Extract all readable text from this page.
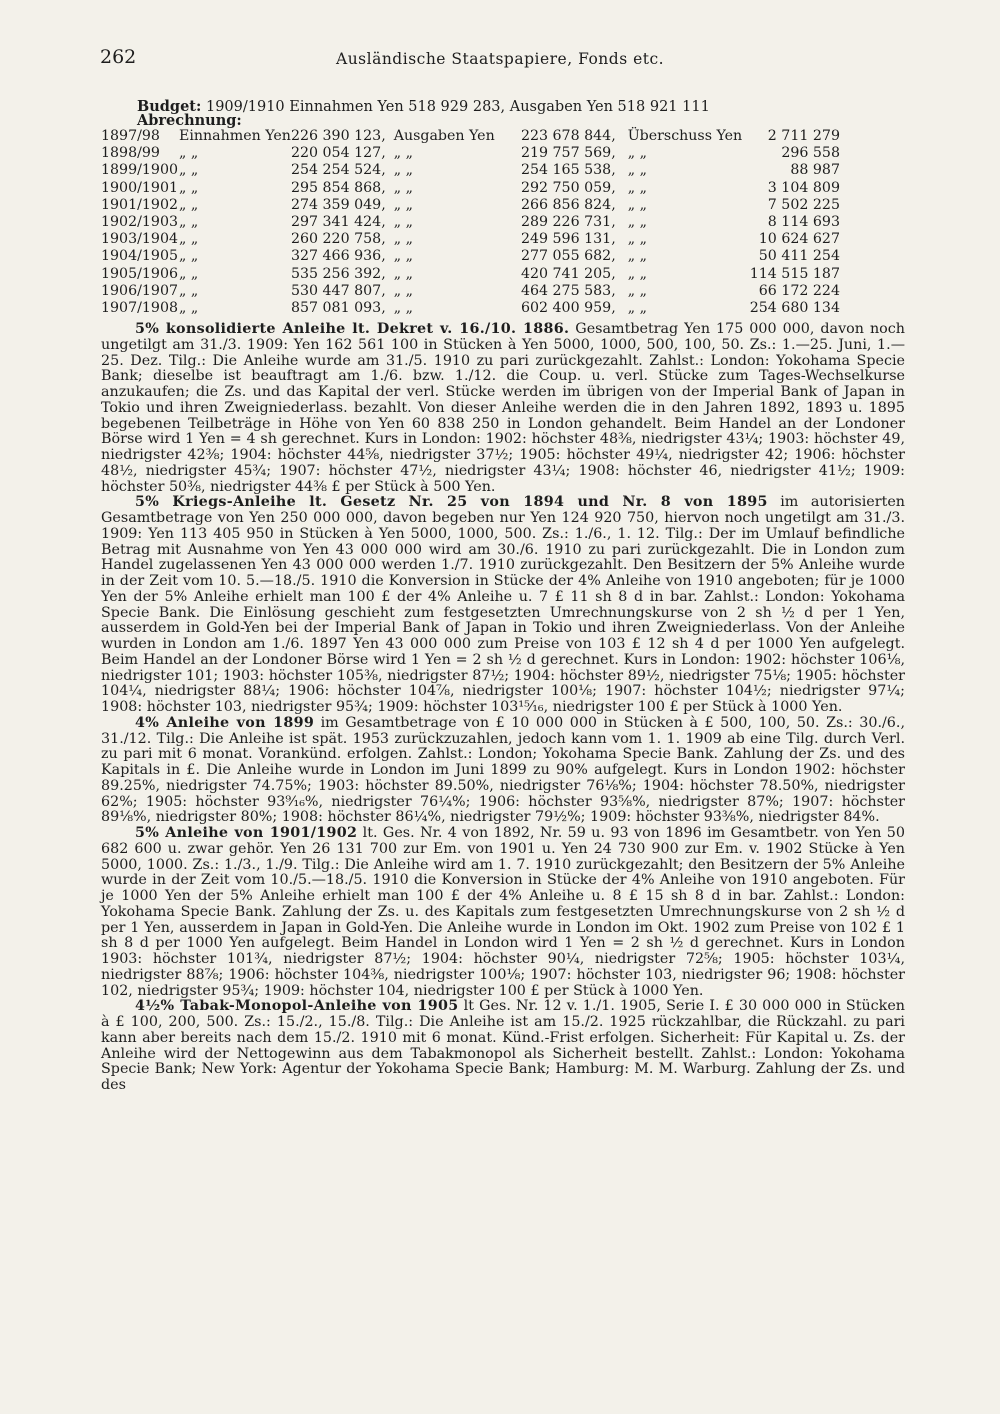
262	Ausländische Staatspapiere, Fonds etc.
Budget: 1909/1910 Einnahmen Yen 518 929 283, Ausgaben Yen 518 921 111
Abrechnung:
1897/98	Einnahmen Yen	226 390 123,	Ausgaben Yen	223 678 844,	Überschuss Yen	2 711 279
1898/99	„ „	220 054 127,	„ „	219 757 569,	„ „	296 558
1899/1900	„ „	254 254 524,	„ „	254 165 538,	„ „	88 987
1900/1901	„ „	295 854 868,	„ „	292 750 059,	„ „	3 104 809
1901/1902	„ „	274 359 049,	„ „	266 856 824,	„ „	7 502 225
1902/1903	„ „	297 341 424,	„ „	289 226 731,	„ „	8 114 693
1903/1904	„ „	260 220 758,	„ „	249 596 131,	„ „	10 624 627
1904/1905	„ „	327 466 936,	„ „	277 055 682,	„ „	50 411 254
1905/1906	„ „	535 256 392,	„ „	420 741 205,	„ „	114 515 187
1906/1907	„ „	530 447 807,	„ „	464 275 583,	„ „	66 172 224
1907/1908	„ „	857 081 093,	„ „	602 400 959,	„ „	254 680 134

5% konsolidierte Anleihe lt. Dekret v. 16./10. 1886. Gesamtbetrag Yen 175 000 000, davon noch ungetilgt am 31./3. 1909: Yen 162 561 100 in Stücken à Yen 5000, 1000, 500, 100, 50. Zs.: 1.—25. Juni, 1.—25. Dez. Tilg.: Die Anleihe wurde am 31./5. 1910 zu pari zurückgezahlt. Zahlst.: London: Yokohama Specie Bank; dieselbe ist beauftragt am 1./6. bzw. 1./12. die Coup. u. verl. Stücke zum Tages-Wechselkurse anzukaufen; die Zs. und das Kapital der verl. Stücke werden im übrigen von der Imperial Bank of Japan in Tokio und ihren Zweigniederlass. bezahlt. Von dieser Anleihe werden die in den Jahren 1892, 1893 u. 1895 begebenen Teilbeträge in Höhe von Yen 60 838 250 in London gehandelt. Beim Handel an der Londoner Börse wird 1 Yen = 4 sh gerechnet. Kurs in London: 1902: höchster 48⅜, niedrigster 43¼; 1903: höchster 49, niedrigster 42⅜; 1904: höchster 44⅝, niedrigster 37½; 1905: höchster 49¼, niedrigster 42; 1906: höchster 48½, niedrigster 45¾; 1907: höchster 47½, niedrigster 43¼; 1908: höchster 46, niedrigster 41½; 1909: höchster 50⅜, niedrigster 44⅜ £ per Stück à 500 Yen.

5% Kriegs-Anleihe lt. Gesetz Nr. 25 von 1894 und Nr. 8 von 1895 im autorisierten Gesamtbetrage von Yen 250 000 000, davon begeben nur Yen 124 920 750, hiervon noch ungetilgt am 31./3. 1909: Yen 113 405 950 in Stücken à Yen 5000, 1000, 500. Zs.: 1./6., 1. 12. Tilg.: Der im Umlauf befindliche Betrag mit Ausnahme von Yen 43 000 000 wird am 30./6. 1910 zu pari zurückgezahlt. Die in London zum Handel zugelassenen Yen 43 000 000 werden 1./7. 1910 zurückgezahlt. Den Besitzern der 5% Anleihe wurde in der Zeit vom 10. 5.—18./5. 1910 die Konversion in Stücke der 4% Anleihe von 1910 angeboten; für je 1000 Yen der 5% Anleihe erhielt man 100 £ der 4% Anleihe u. 7 £ 11 sh 8 d in bar. Zahlst.: London: Yokohama Specie Bank. Die Einlösung geschieht zum festgesetzten Umrechnungskurse von 2 sh ½ d per 1 Yen, ausserdem in Gold-Yen bei der Imperial Bank of Japan in Tokio und ihren Zweigniederlass. Von der Anleihe wurden in London am 1./6. 1897 Yen 43 000 000 zum Preise von 103 £ 12 sh 4 d per 1000 Yen aufgelegt. Beim Handel an der Londoner Börse wird 1 Yen = 2 sh ½ d gerechnet. Kurs in London: 1902: höchster 106⅛, niedrigster 101; 1903: höchster 105⅜, niedrigster 87½; 1904: höchster 89½, niedrigster 75⅛; 1905: höchster 104¼, niedrigster 88¼; 1906: höchster 104⅞, niedrigster 100⅛; 1907: höchster 104½; niedrigster 97¼; 1908: höchster 103, niedrigster 95¾; 1909: höchster 103¹⁵⁄₁₆, niedrigster 100 £ per Stück à 1000 Yen.

4% Anleihe von 1899 im Gesamtbetrage von £ 10 000 000 in Stücken à £ 500, 100, 50. Zs.: 30./6., 31./12. Tilg.: Die Anleihe ist spät. 1953 zurückzuzahlen, jedoch kann vom 1. 1. 1909 ab eine Tilg. durch Verl. zu pari mit 6 monat. Vorankünd. erfolgen. Zahlst.: London; Yokohama Specie Bank. Zahlung der Zs. und des Kapitals in £. Die Anleihe wurde in London im Juni 1899 zu 90% aufgelegt. Kurs in London 1902: höchster 89.25%, niedrigster 74.75%; 1903: höchster 89.50%, niedrigster 76⅛%; 1904: höchster 78.50%, niedrigster 62%; 1905: höchster 93⁹⁄₁₆%, niedrigster 76¼%; 1906: höchster 93⅝%, niedrigster 87%; 1907: höchster 89⅛%, niedrigster 80%; 1908: höchster 86¼%, niedrigster 79½%; 1909: höchster 93⅜%, niedrigster 84%.

5% Anleihe von 1901/1902 lt. Ges. Nr. 4 von 1892, Nr. 59 u. 93 von 1896 im Gesamtbetr. von Yen 50 682 600 u. zwar gehör. Yen 26 131 700 zur Em. von 1901 u. Yen 24 730 900 zur Em. v. 1902 Stücke à Yen 5000, 1000. Zs.: 1./3., 1./9. Tilg.: Die Anleihe wird am 1. 7. 1910 zurückgezahlt; den Besitzern der 5% Anleihe wurde in der Zeit vom 10./5.—18./5. 1910 die Konversion in Stücke der 4% Anleihe von 1910 angeboten. Für je 1000 Yen der 5% Anleihe erhielt man 100 £ der 4% Anleihe u. 8 £ 15 sh 8 d in bar. Zahlst.: London: Yokohama Specie Bank. Zahlung der Zs. u. des Kapitals zum festgesetzten Umrechnungskurse von 2 sh ½ d per 1 Yen, ausserdem in Japan in Gold-Yen. Die Anleihe wurde in London im Okt. 1902 zum Preise von 102 £ 1 sh 8 d per 1000 Yen aufgelegt. Beim Handel in London wird 1 Yen = 2 sh ½ d gerechnet. Kurs in London 1903: höchster 101¾, niedrigster 87½; 1904: höchster 90¼, niedrigster 72⅝; 1905: höchster 103¼, niedrigster 88⅞; 1906: höchster 104⅜, niedrigster 100⅛; 1907: höchster 103, niedrigster 96; 1908: höchster 102, niedrigster 95¾; 1909: höchster 104, niedrigster 100 £ per Stück à 1000 Yen.

4½% Tabak-Monopol-Anleihe von 1905 lt Ges. Nr. 12 v. 1./1. 1905, Serie I. £ 30 000 000 in Stücken à £ 100, 200, 500. Zs.: 15./2., 15./8. Tilg.: Die Anleihe ist am 15./2. 1925 rückzahlbar, die Rückzahl. zu pari kann aber bereits nach dem 15./2. 1910 mit 6 monat. Künd.-Frist erfolgen. Sicherheit: Für Kapital u. Zs. der Anleihe wird der Nettogewinn aus dem Tabakmonopol als Sicherheit bestellt. Zahlst.: London: Yokohama Specie Bank; New York: Agentur der Yokohama Specie Bank; Hamburg: M. M. Warburg. Zahlung der Zs. und des
